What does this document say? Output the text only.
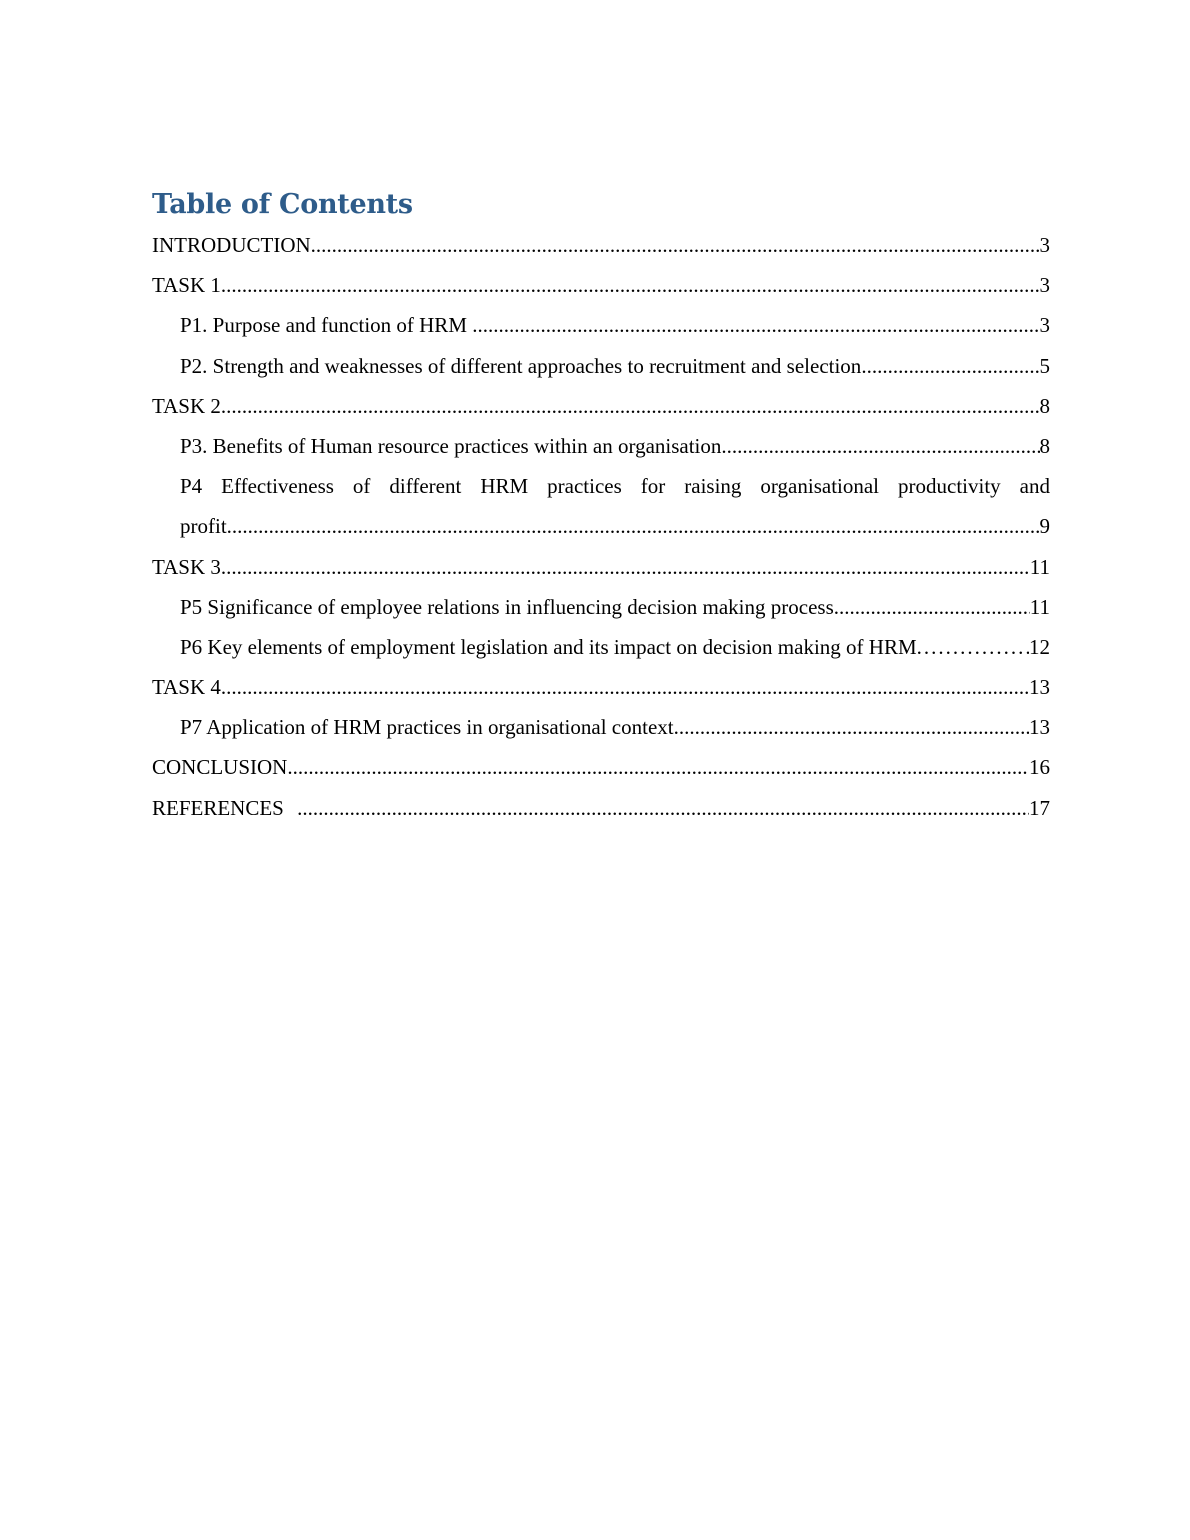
Table of Contents
INTRODUCTION .....	3
TASK 1 .....	3
P1. Purpose and function of HRM .....	3
P2. Strength and weaknesses of different approaches to recruitment and selection .....	5
TASK 2 .....	8
P3. Benefits of Human resource practices within an organisation .....	8
P4 Effectiveness of different HRM practices for raising organisational productivity and
profit .....	9
TASK 3 .....	11
P5 Significance of employee relations in influencing decision making process .....	11
P6 Key elements of employment legislation and its impact on decision making of HRM .....	12
TASK 4 .....	13
P7 Application of HRM practices in organisational context .....	13
CONCLUSION .....	16
REFERENCES .....	17
